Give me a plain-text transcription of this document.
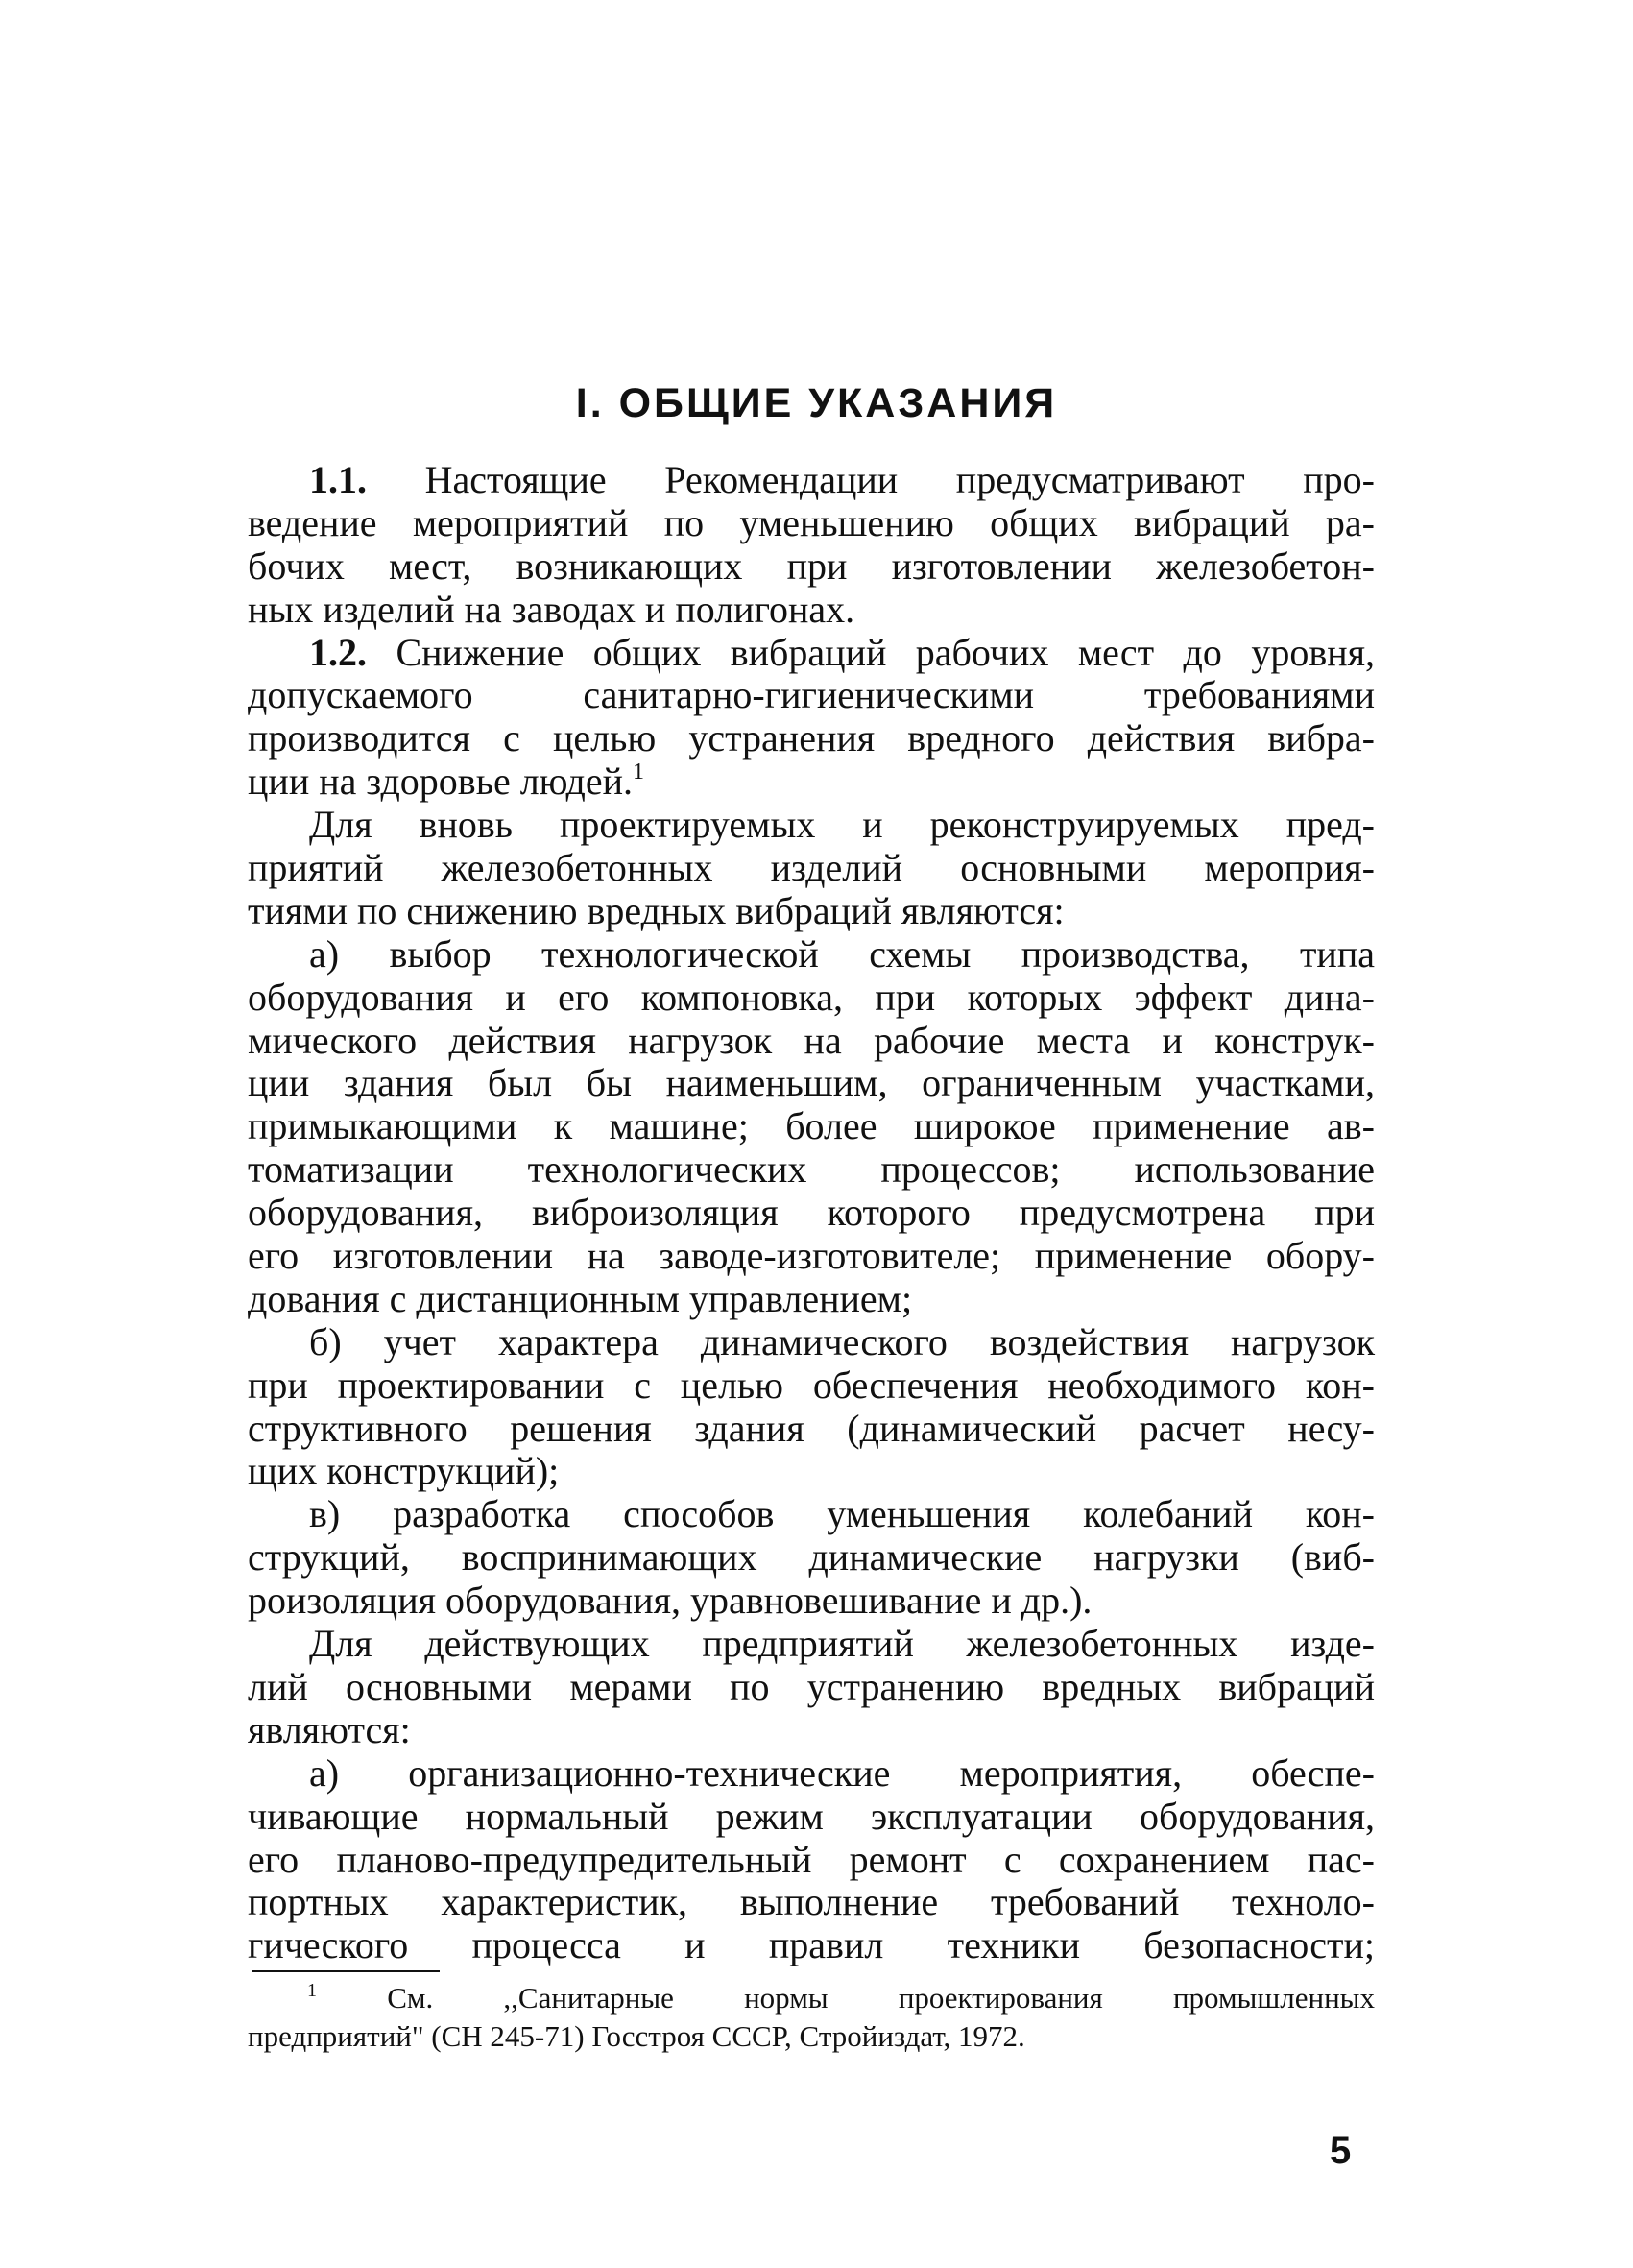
I. ОБЩИЕ УКАЗАНИЯ
1.1. Настоящие Рекомендации предусматривают про-
ведение мероприятий по уменьшению общих вибраций ра-
бочих мест, возникающих при изготовлении железобетон-
ных изделий на заводах и полигонах.
1.2. Снижение общих вибраций рабочих мест до уровня,
допускаемого санитарно-гигиеническими требованиями
производится с целью устранения вредного действия вибра-
ции на здоровье людей.$^1$
Для вновь проектируемых и реконструируемых пред-
приятий железобетонных изделий основными мероприя-
тиями по снижению вредных вибраций являются:
а) выбор технологической схемы производства, типа
оборудования и его компоновка, при которых эффект дина-
мического действия нагрузок на рабочие места и конструк-
ции здания был бы наименьшим, ограниченным участками,
примыкающими к машине; более широкое применение ав-
томатизации технологических процессов; использование
оборудования, виброизоляция которого предусмотрена при
его изготовлении на заводе-изготовителе; применение обору-
дования с дистанционным управлением;
б) учет характера динамического воздействия нагрузок
при проектировании с целью обеспечения необходимого кон-
структивного решения здания (динамический расчет несу-
щих конструкций);
в) разработка способов уменьшения колебаний кон-
струкций, воспринимающих динамические нагрузки (виб-
роизоляция оборудования, уравновешивание и др.).
Для действующих предприятий железобетонных изде-
лий основными мерами по устранению вредных вибраций
являются:
а) организационно-технические мероприятия, обеспе-
чивающие нормальный режим эксплуатации оборудования,
его планово-предупредительный ремонт с сохранением пас-
портных характеристик, выполнение требований техноло-
гического процесса и правил техники безопасности;
$^1$ См. ,,Санитарные нормы проектирования промышленных
предприятий" (СН 245-71) Госстроя СССР, Стройиздат, 1972.
5
